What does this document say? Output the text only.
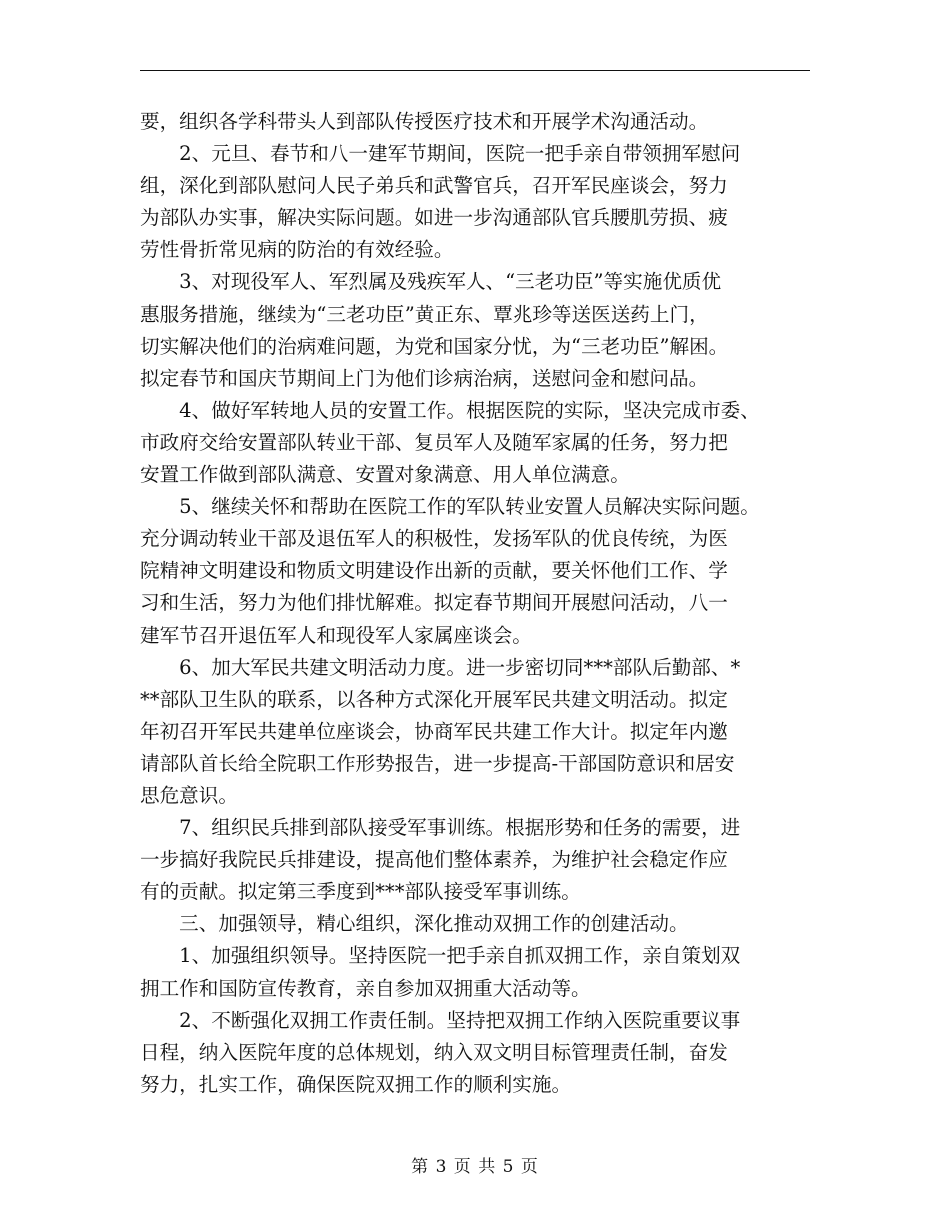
要，组织各学科带头人到部队传授医疗技术和开展学术沟通活动。
　　2、元旦、春节和八一建军节期间，医院一把手亲自带领拥军慰问
组，深化到部队慰问人民子弟兵和武警官兵，召开军民座谈会，努力
为部队办实事，解决实际问题。如进一步沟通部队官兵腰肌劳损、疲
劳性骨折常见病的防治的有效经验。
　　3、对现役军人、军烈属及残疾军人、“三老功臣”等实施优质优
惠服务措施，继续为“三老功臣”黄正东、覃兆珍等送医送药上门，
切实解决他们的治病难问题，为党和国家分忧，为“三老功臣”解困。
拟定春节和国庆节期间上门为他们诊病治病，送慰问金和慰问品。
　　4、做好军转地人员的安置工作。根据医院的实际，坚决完成市委、
市政府交给安置部队转业干部、复员军人及随军家属的任务，努力把
安置工作做到部队满意、安置对象满意、用人单位满意。
　　5、继续关怀和帮助在医院工作的军队转业安置人员解决实际问题。
充分调动转业干部及退伍军人的积极性，发扬军队的优良传统，为医
院精神文明建设和物质文明建设作出新的贡献，要关怀他们工作、学
习和生活，努力为他们排忧解难。拟定春节期间开展慰问活动，八一
建军节召开退伍军人和现役军人家属座谈会。
　　6、加大军民共建文明活动力度。进一步密切同***部队后勤部、*
**部队卫生队的联系，以各种方式深化开展军民共建文明活动。拟定
年初召开军民共建单位座谈会，协商军民共建工作大计。拟定年内邀
请部队首长给全院职工作形势报告，进一步提高-干部国防意识和居安
思危意识。
　　7、组织民兵排到部队接受军事训练。根据形势和任务的需要，进
一步搞好我院民兵排建设，提高他们整体素养，为维护社会稳定作应
有的贡献。拟定第三季度到***部队接受军事训练。
　　三、加强领导，精心组织，深化推动双拥工作的创建活动。
　　1、加强组织领导。坚持医院一把手亲自抓双拥工作，亲自策划双
拥工作和国防宣传教育，亲自参加双拥重大活动等。
　　2、不断强化双拥工作责任制。坚持把双拥工作纳入医院重要议事
日程，纳入医院年度的总体规划，纳入双文明目标管理责任制，奋发
努力，扎实工作，确保医院双拥工作的顺利实施。
第 3 页 共 5 页
